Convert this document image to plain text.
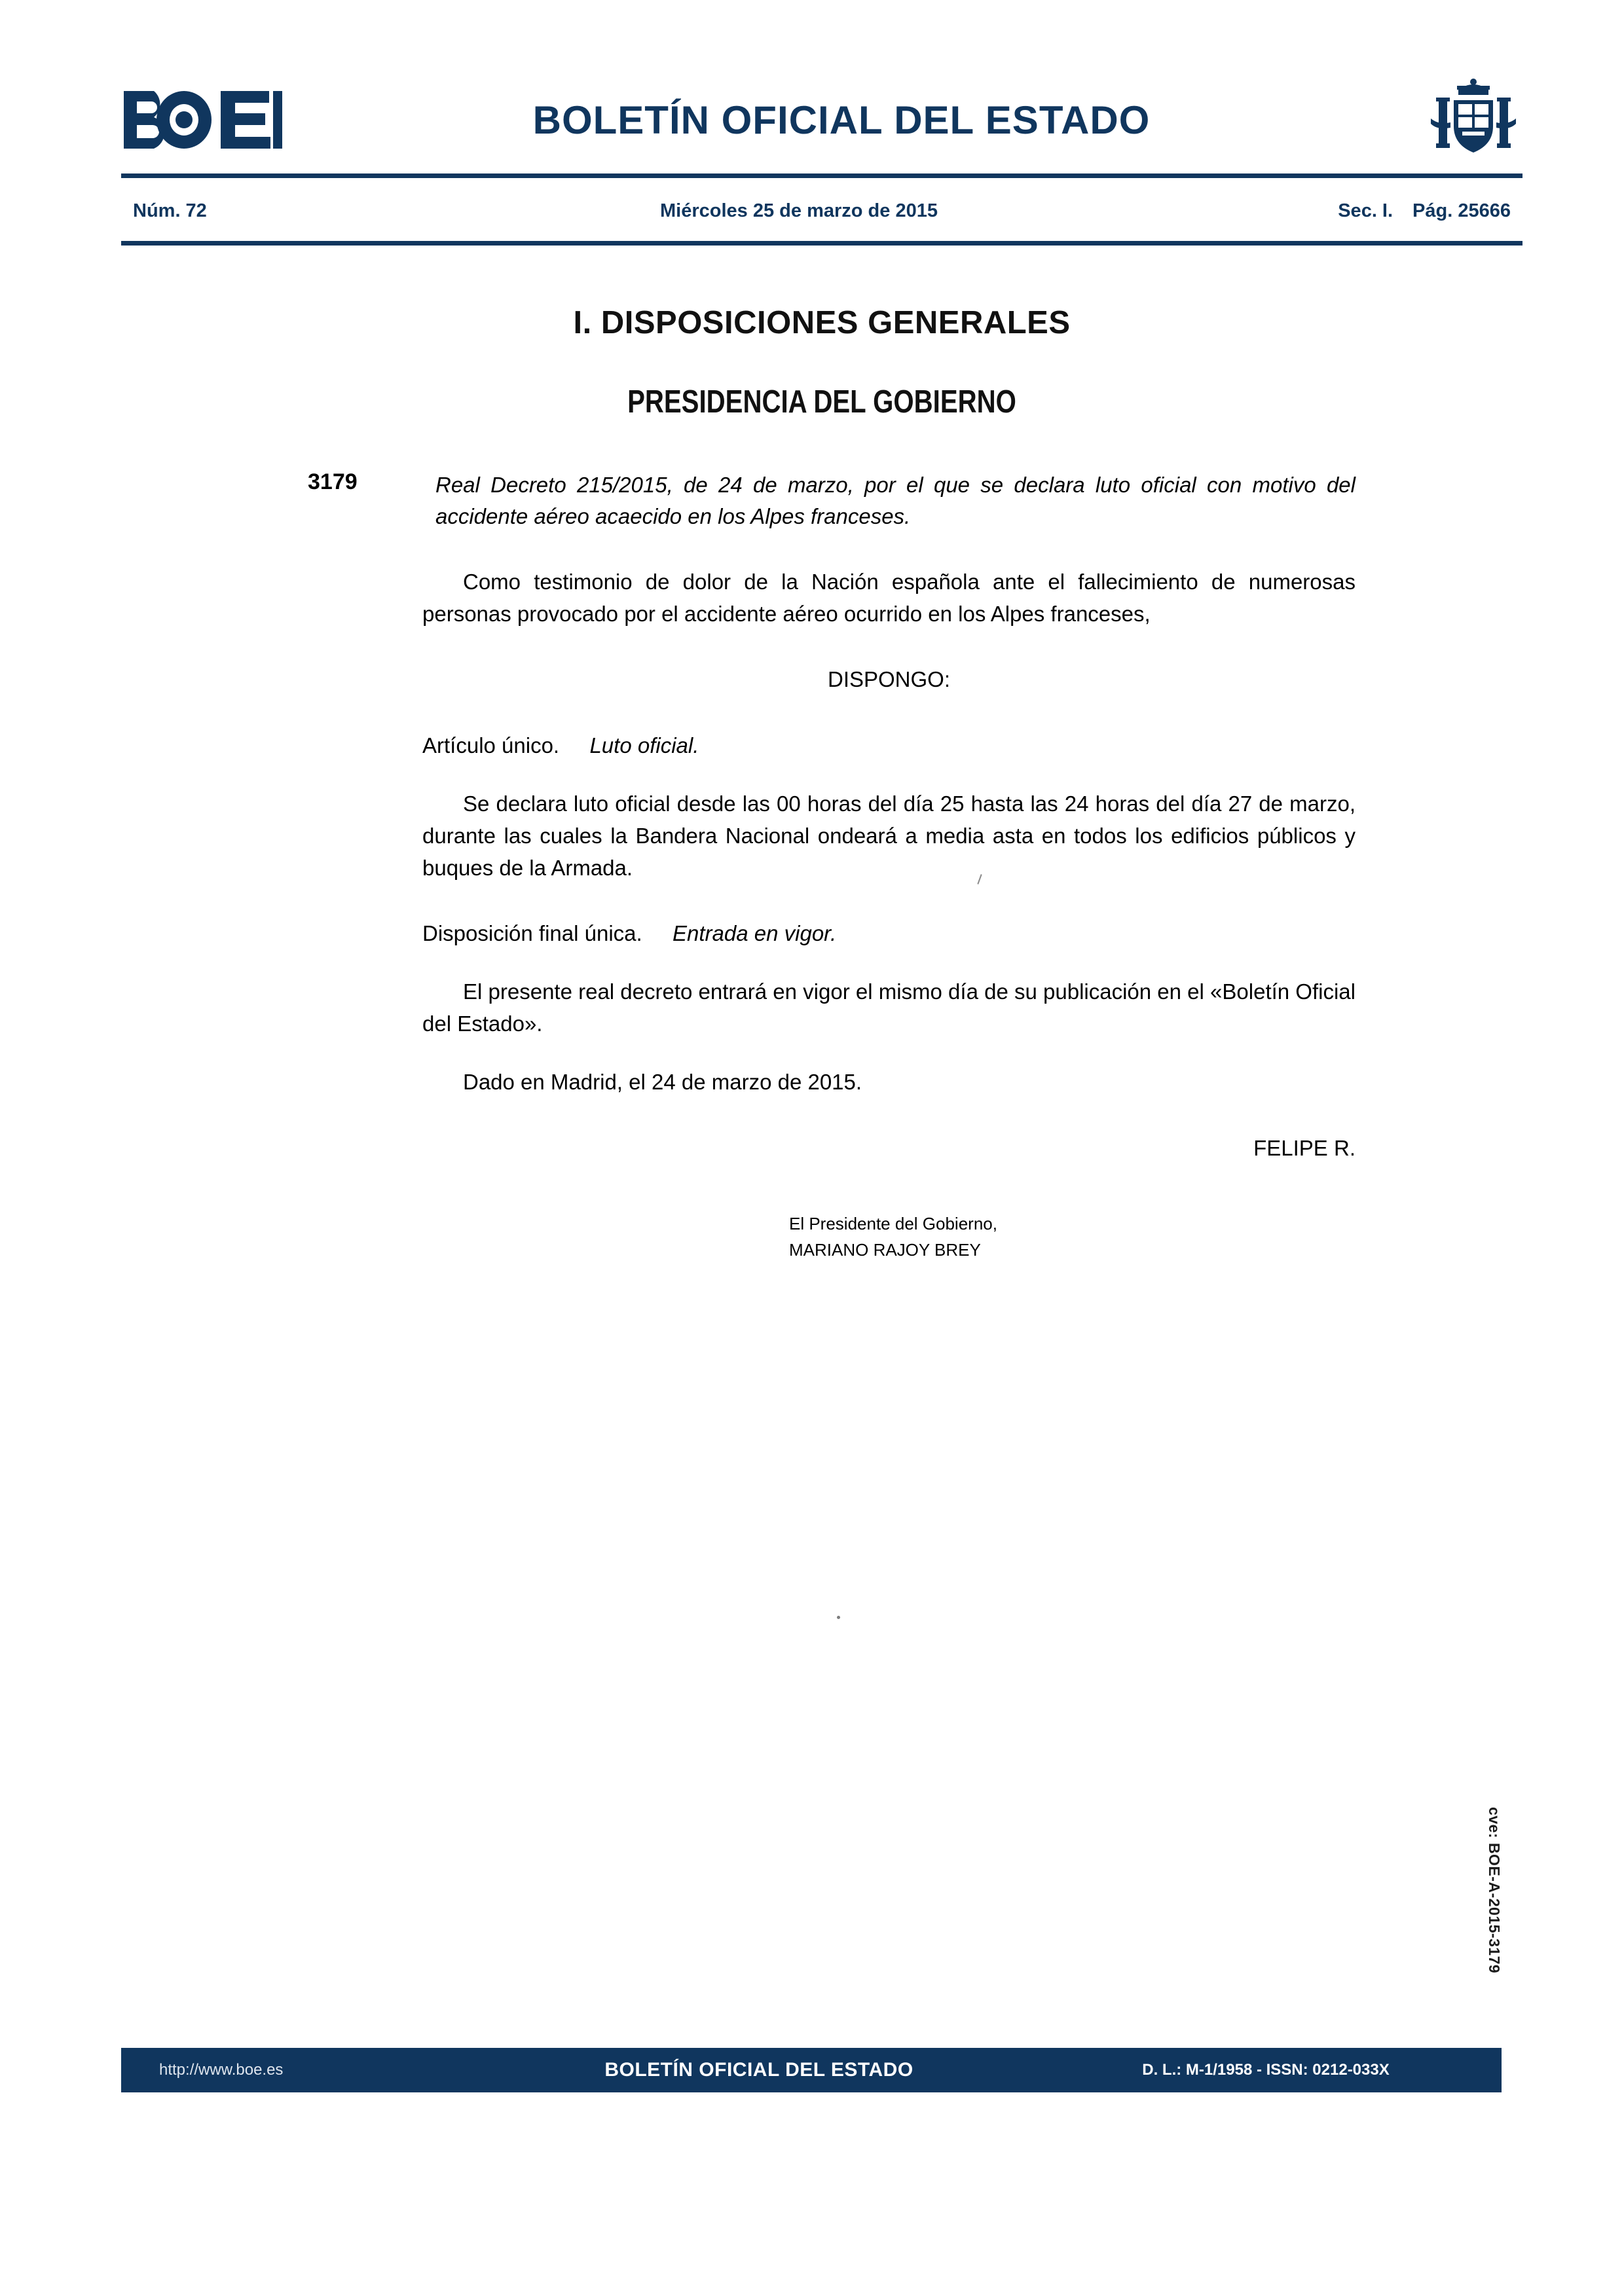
BOLETÍN OFICIAL DEL ESTADO
Núm. 72	Miércoles 25 de marzo de 2015	Sec. I. Pág. 25666
I. DISPOSICIONES GENERALES
PRESIDENCIA DEL GOBIERNO
3179	Real Decreto 215/2015, de 24 de marzo, por el que se declara luto oficial con motivo del accidente aéreo acaecido en los Alpes franceses.

Como testimonio de dolor de la Nación española ante el fallecimiento de numerosas personas provocado por el accidente aéreo ocurrido en los Alpes franceses,

DISPONGO:

Artículo único. Luto oficial.

Se declara luto oficial desde las 00 horas del día 25 hasta las 24 horas del día 27 de marzo, durante las cuales la Bandera Nacional ondeará a media asta en todos los edificios públicos y buques de la Armada.

Disposición final única. Entrada en vigor.

El presente real decreto entrará en vigor el mismo día de su publicación en el «Boletín Oficial del Estado».

Dado en Madrid, el 24 de marzo de 2015.

FELIPE R.

El Presidente del Gobierno,
MARIANO RAJOY BREY
cve: BOE-A-2015-3179
http://www.boe.es	BOLETÍN OFICIAL DEL ESTADO	D. L.: M-1/1958 - ISSN: 0212-033X
